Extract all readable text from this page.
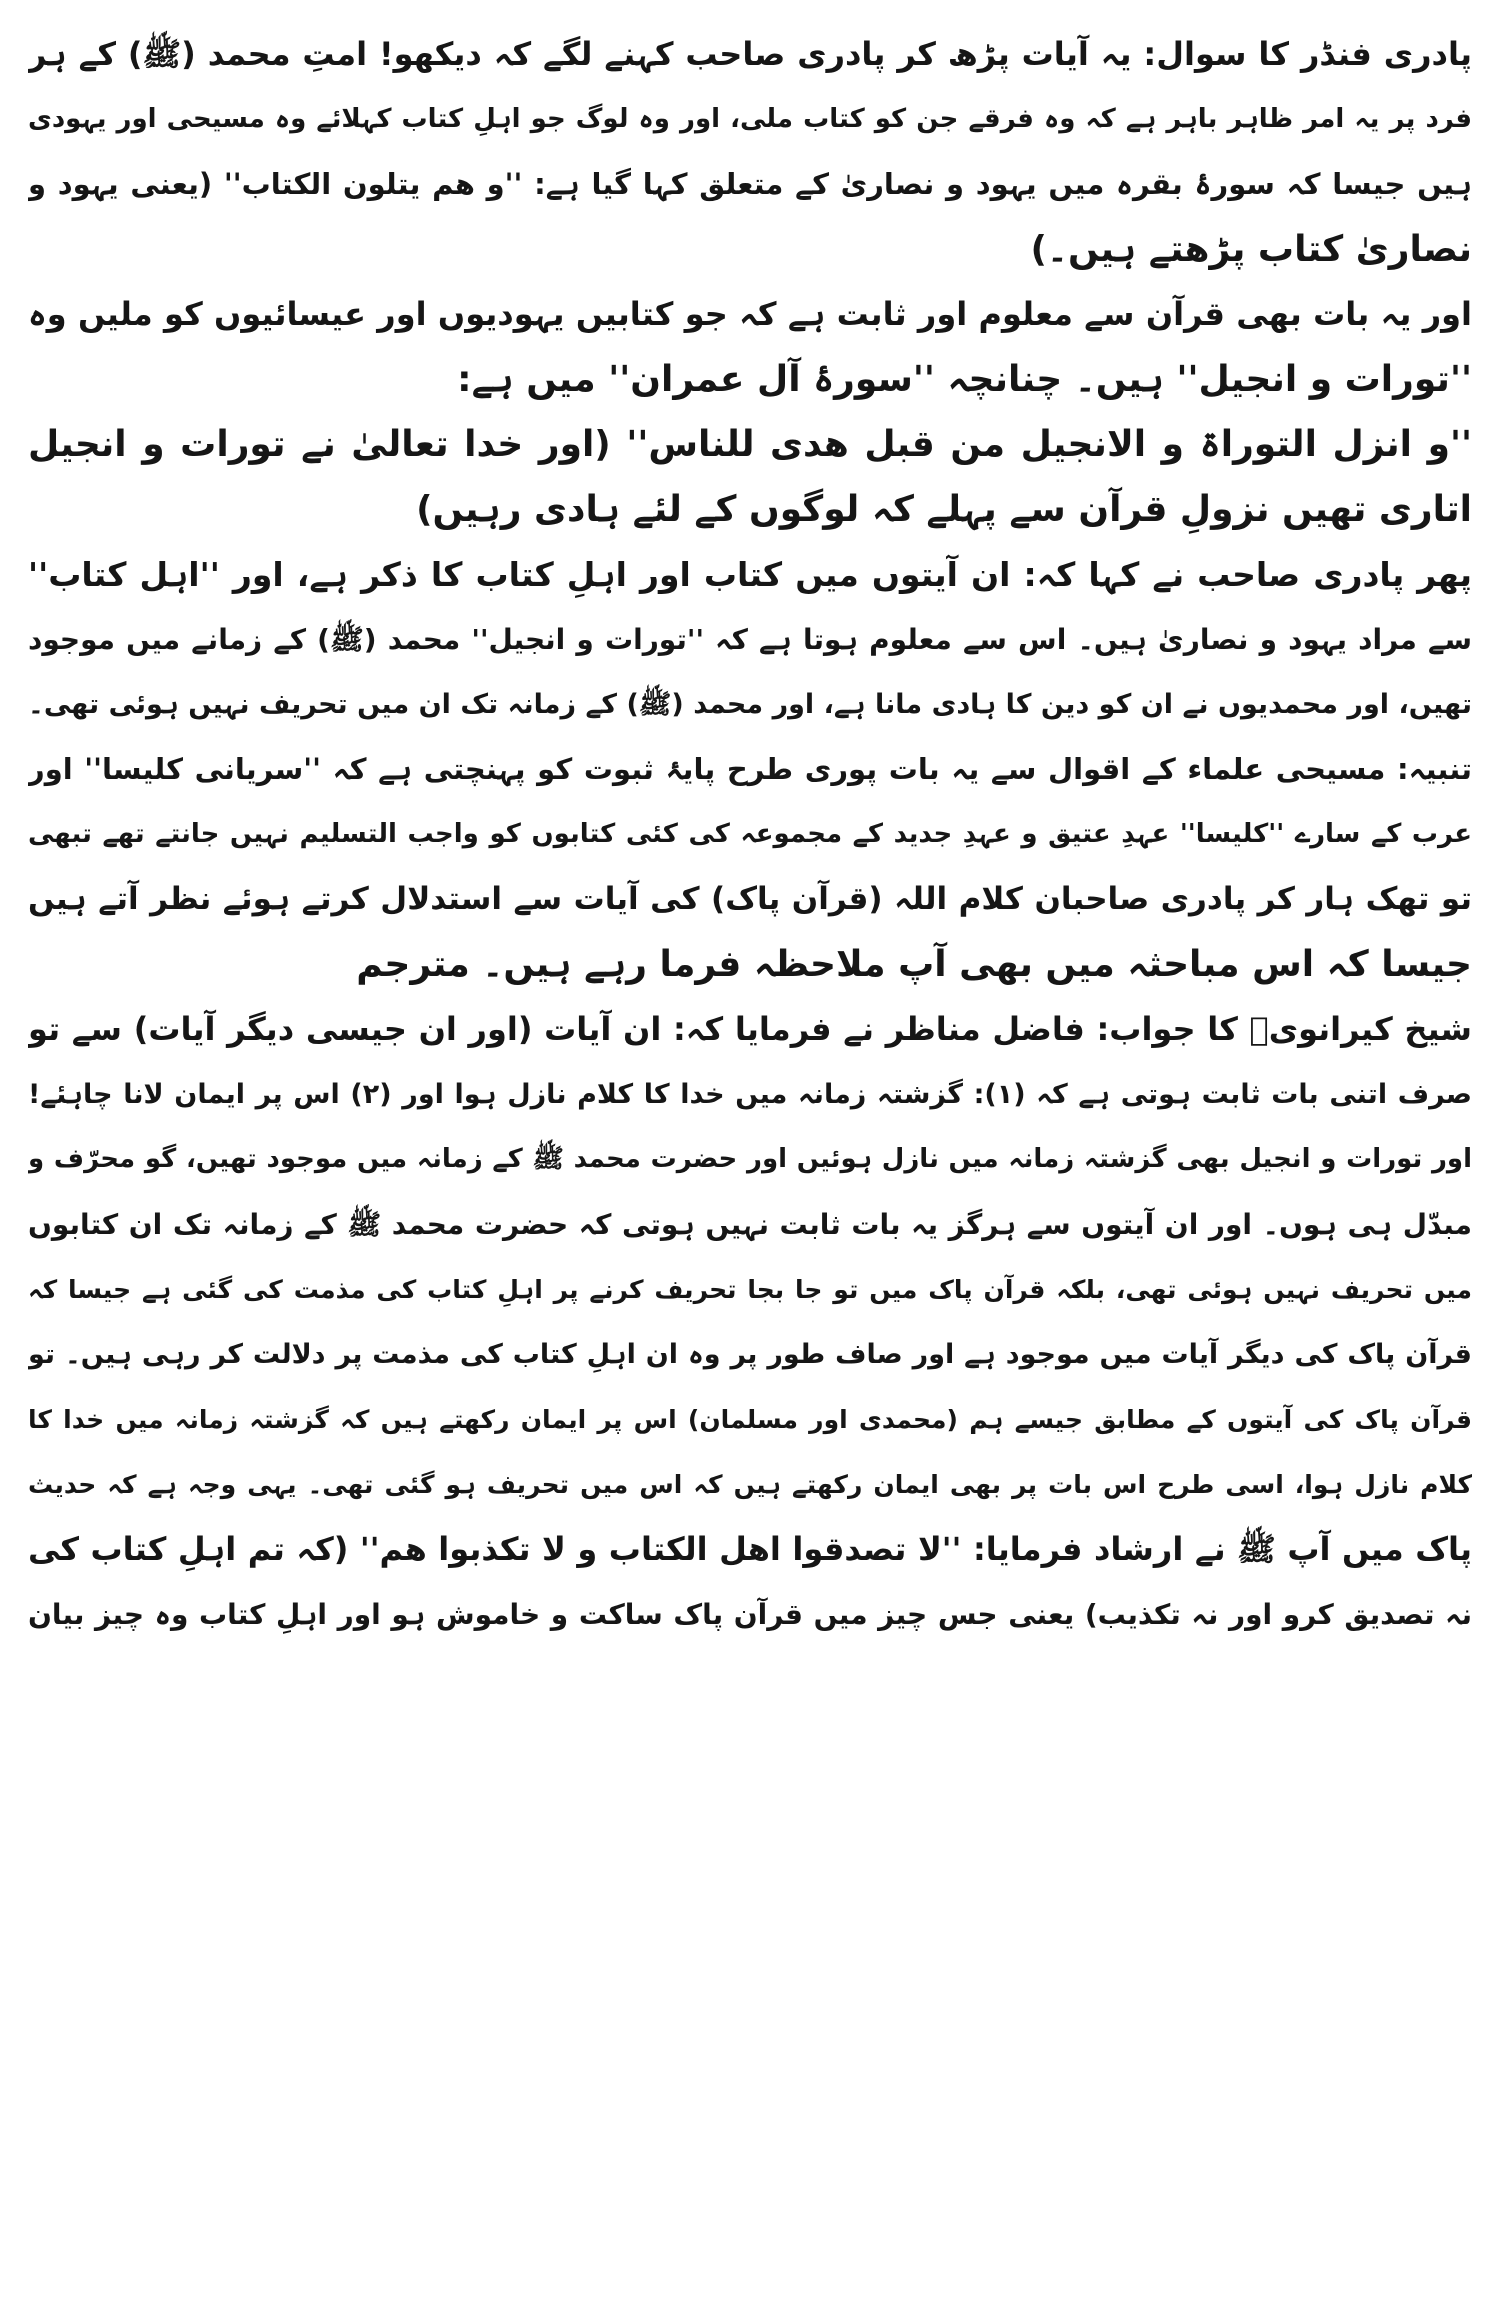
پادری فنڈر کا سوال: یہ آیات پڑھ کر پادری صاحب کہنے لگے کہ دیکھو! امتِ محمد (ﷺ) کے ہر
فرد پر یہ امر ظاہر باہر ہے کہ وہ فرقے جن کو کتاب ملی، اور وہ لوگ جو اہلِ کتاب کہلائے وہ مسیحی اور یہودی
ہیں جیسا کہ سورۂ بقرہ میں یہود و نصاریٰ کے متعلق کہا گیا ہے: ''و ھم یتلون الکتاب'' (یعنی یہود و
نصاریٰ کتاب پڑھتے ہیں۔)
اور یہ بات بھی قرآن سے معلوم اور ثابت ہے کہ جو کتابیں یہودیوں اور عیسائیوں کو ملیں وہ
''تورات و انجیل'' ہیں۔ چنانچہ ''سورۂ آل عمران'' میں ہے:
''و انزل التوراۃ و الانجیل من قبل ھدی للناس'' (اور خدا تعالیٰ نے تورات و انجیل
اتاری تھیں نزولِ قرآن سے پہلے کہ لوگوں کے لئے ہادی رہیں)
پھر پادری صاحب نے کہا کہ: ان آیتوں میں کتاب اور اہلِ کتاب کا ذکر ہے، اور ''اہل کتاب''
سے مراد یہود و نصاریٰ ہیں۔ اس سے معلوم ہوتا ہے کہ ''تورات و انجیل'' محمد (ﷺ) کے زمانے میں موجود
تھیں، اور محمدیوں نے ان کو دین کا ہادی مانا ہے، اور محمد (ﷺ) کے زمانہ تک ان میں تحریف نہیں ہوئی تھی۔
تنبیہ: مسیحی علماء کے اقوال سے یہ بات پوری طرح پایۂ ثبوت کو پہنچتی ہے کہ ''سریانی کلیسا'' اور
عرب کے سارے ''کلیسا'' عہدِ عتیق و عہدِ جدید کے مجموعہ کی کئی کتابوں کو واجب التسلیم نہیں جانتے تھے تبھی
تو تھک ہار کر پادری صاحبان کلام اللہ (قرآن پاک) کی آیات سے استدلال کرتے ہوئے نظر آتے ہیں
جیسا کہ اس مباحثہ میں بھی آپ ملاحظہ فرما رہے ہیں۔ مترجم
شیخ کیرانویؒ کا جواب: فاضل مناظر نے فرمایا کہ: ان آیات (اور ان جیسی دیگر آیات) سے تو
صرف اتنی بات ثابت ہوتی ہے کہ (۱): گزشتہ زمانہ میں خدا کا کلام نازل ہوا اور (۲) اس پر ایمان لانا چاہئے!
اور تورات و انجیل بھی گزشتہ زمانہ میں نازل ہوئیں اور حضرت محمد ﷺ کے زمانہ میں موجود تھیں، گو محرّف و
مبدّل ہی ہوں۔ اور ان آیتوں سے ہرگز یہ بات ثابت نہیں ہوتی کہ حضرت محمد ﷺ کے زمانہ تک ان کتابوں
میں تحریف نہیں ہوئی تھی، بلکہ قرآن پاک میں تو جا بجا تحریف کرنے پر اہلِ کتاب کی مذمت کی گئی ہے جیسا کہ
قرآن پاک کی دیگر آیات میں موجود ہے اور صاف طور پر وہ ان اہلِ کتاب کی مذمت پر دلالت کر رہی ہیں۔ تو
قرآن پاک کی آیتوں کے مطابق جیسے ہم (محمدی اور مسلمان) اس پر ایمان رکھتے ہیں کہ گزشتہ زمانہ میں خدا کا
کلام نازل ہوا، اسی طرح اس بات پر بھی ایمان رکھتے ہیں کہ اس میں تحریف ہو گئی تھی۔ یہی وجہ ہے کہ حدیث
پاک میں آپ ﷺ نے ارشاد فرمایا: ''لا تصدقوا اھل الکتاب و لا تکذبوا ھم'' (کہ تم اہلِ کتاب کی
نہ تصدیق کرو اور نہ تکذیب) یعنی جس چیز میں قرآن پاک ساکت و خاموش ہو اور اہلِ کتاب وہ چیز بیان
